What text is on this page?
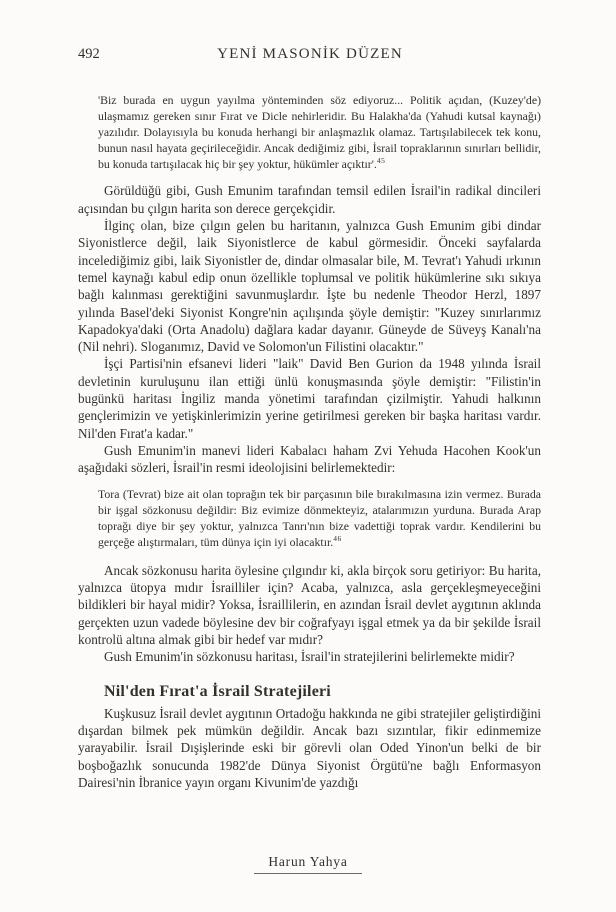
492	YENİ MASONİK DÜZEN
'Biz burada en uygun yayılma yönteminden söz ediyoruz... Politik açıdan, (Kuzey'de) ulaşmamız gereken sınır Fırat ve Dicle nehirleridir. Bu Halakha'da (Yahudi kutsal kaynağı) yazılıdır. Dolayısıyla bu konuda herhangi bir anlaşmazlık olamaz. Tartışılabilecek tek konu, bunun nasıl hayata geçirileceğidir. Ancak dediğimiz gibi, İsrail topraklarının sınırları bellidir, bu konuda tartışılacak hiç bir şey yoktur, hükümler açıktır'.$^{45}$

Görüldüğü gibi, Gush Emunim tarafından temsil edilen İsrail'in radikal dincileri açısından bu çılgın harita son derece gerçekçidir.

İlginç olan, bize çılgın gelen bu haritanın, yalnızca Gush Emunim gibi dindar Siyonistlerce değil, laik Siyonistlerce de kabul görmesidir. Önceki sayfalarda incelediğimiz gibi, laik Siyonistler de, dindar olmasalar bile, M. Tevrat'ı Yahudi ırkının temel kaynağı kabul edip onun özellikle toplumsal ve politik hükümlerine sıkı sıkıya bağlı kalınması gerektiğini savunmuşlardır. İşte bu nedenle Theodor Herzl, 1897 yılında Basel'deki Siyonist Kongre'nin açılışında şöyle demiştir: "Kuzey sınırlarımız Kapadokya'daki (Orta Anadolu) dağlara kadar dayanır. Güneyde de Süveyş Kanalı'na (Nil nehri). Sloganımız, David ve Solomon'un Filistini olacaktır."

İşçi Partisi'nin efsanevi lideri "laik" David Ben Gurion da 1948 yılında İsrail devletinin kuruluşunu ilan ettiği ünlü konuşmasında şöyle demiştir: "Filistin'in bugünkü haritası İngiliz manda yönetimi tarafından çizilmiştir. Yahudi halkının gençlerimizin ve yetişkinlerimizin yerine getirilmesi gereken bir başka haritası vardır. Nil'den Fırat'a kadar."

Gush Emunim'in manevi lideri Kabalacı haham Zvi Yehuda Hacohen Kook'un aşağıdaki sözleri, İsrail'in resmi ideolojisini belirlemektedir:

Tora (Tevrat) bize ait olan toprağın tek bir parçasının bile bırakılmasına izin vermez. Burada bir işgal sözkonusu değildir: Biz evimize dönmekteyiz, atalarımızın yurduna. Burada Arap toprağı diye bir şey yoktur, yalnızca Tanrı'nın bize vadettiği toprak vardır. Kendilerini bu gerçeğe alıştırmaları, tüm dünya için iyi olacaktır.$^{46}$

Ancak sözkonusu harita öylesine çılgındır ki, akla birçok soru getiriyor: Bu harita, yalnızca ütopya mıdır İsrailliler için? Acaba, yalnızca, asla gerçekleşmeyeceğini bildikleri bir hayal midir? Yoksa, İsraillilerin, en azından İsrail devlet aygıtının aklında gerçekten uzun vadede böylesine dev bir coğrafyayı işgal etmek ya da bir şekilde İsrail kontrolü altına almak gibi bir hedef var mıdır?

Gush Emunim'in sözkonusu haritası, İsrail'in stratejilerini belirlemekte midir?

Nil'den Fırat'a İsrail Stratejileri

Kuşkusuz İsrail devlet aygıtının Ortadoğu hakkında ne gibi stratejiler geliştirdiğini dışardan bilmek pek mümkün değildir. Ancak bazı sızıntılar, fikir edinmemize yarayabilir. İsrail Dışişlerinde eski bir görevli olan Oded Yinon'un belki de bir boşboğazlık sonucunda 1982'de Dünya Siyonist Örgütü'ne bağlı Enformasyon Dairesi'nin İbranice yayın organı Kivunim'de yazdığı

Harun Yahya
